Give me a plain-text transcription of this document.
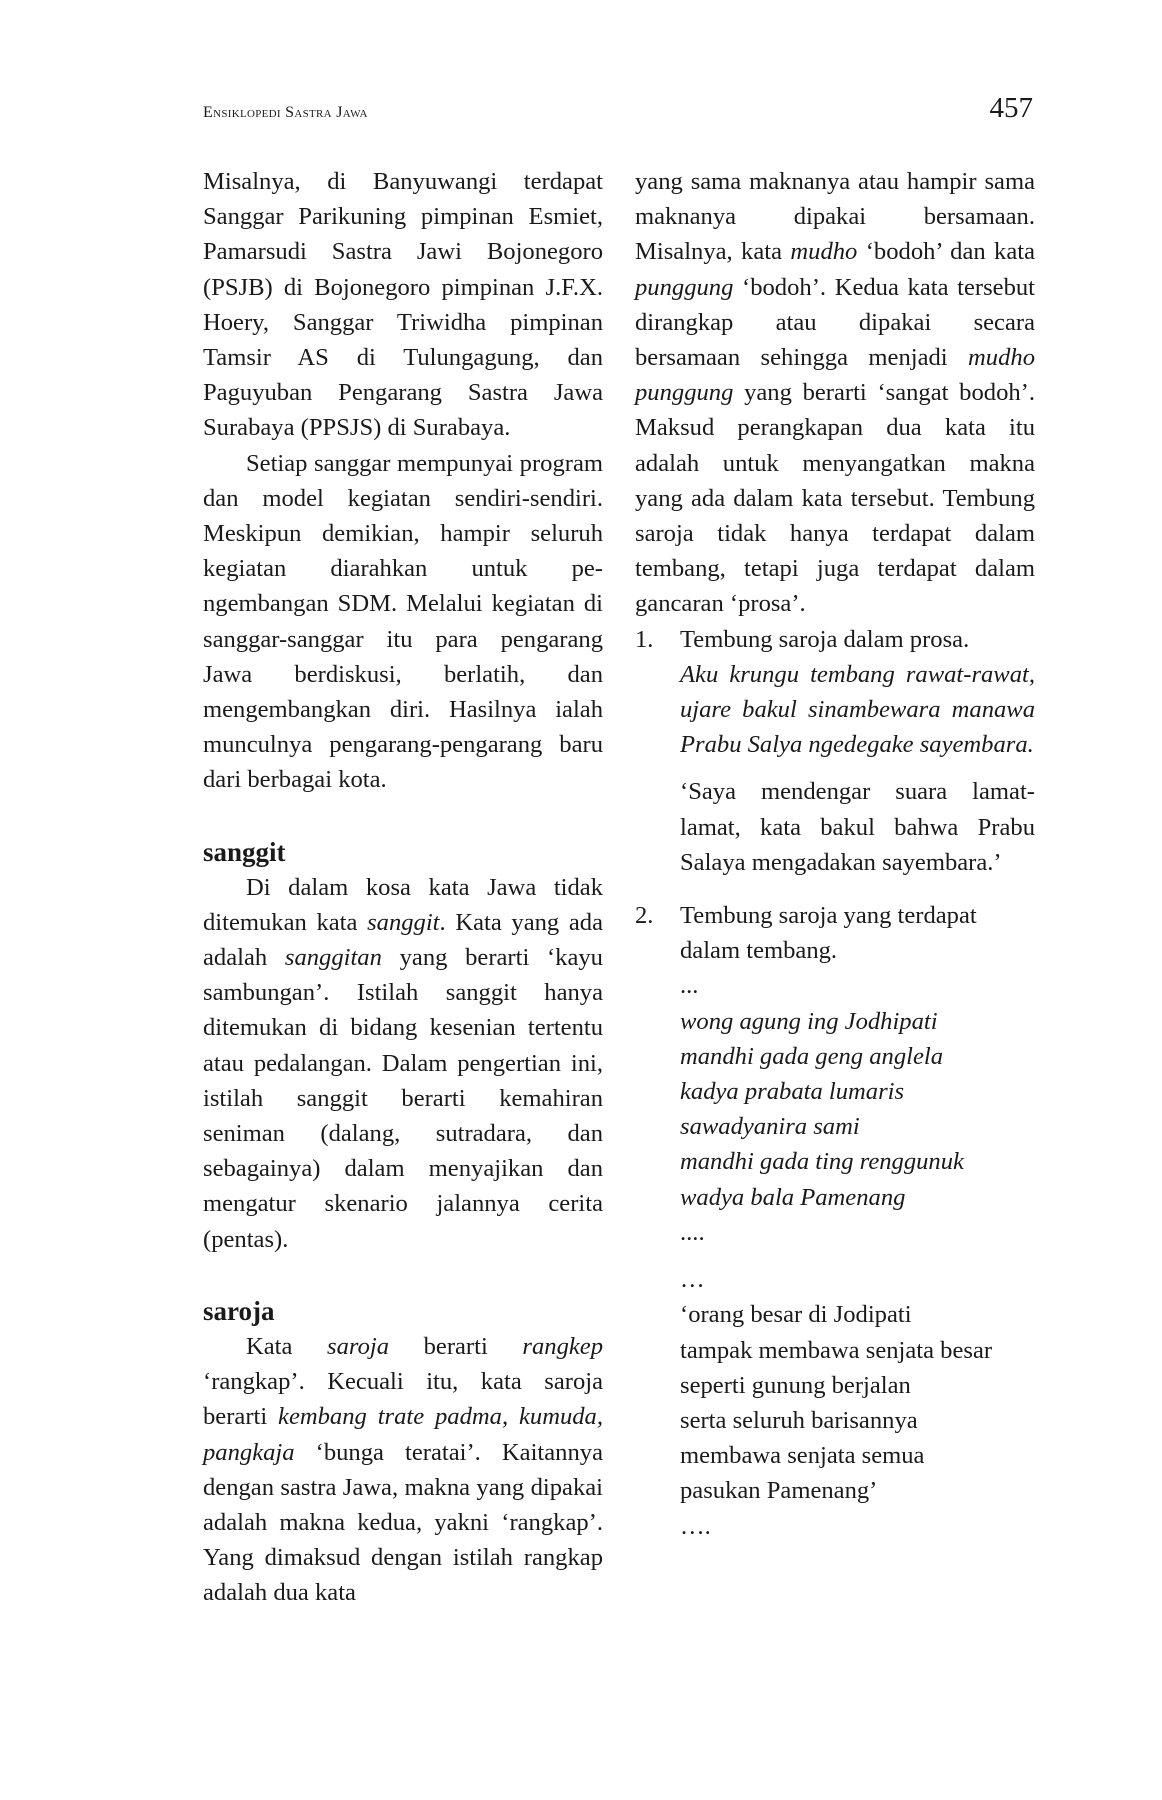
Ensiklopedi Sastra Jawa	457

Misalnya, di Banyuwangi terdapat Sanggar Parikuning pimpinan Esmiet, Pamarsudi Sastra Jawi Bojonegoro (PSJB) di Bojonegoro pimpinan J.F.X. Hoery, Sanggar Triwidha pimpinan Tamsir AS di Tulungagung, dan Paguyuban Pengarang Sastra Jawa Surabaya (PPSJS) di Surabaya.

Setiap sanggar mempunyai program dan model kegiatan sendiri-sendiri. Meskipun demikian, hampir seluruh kegiatan diarahkan untuk pengembangan SDM. Melalui kegiatan di sanggar-sanggar itu para pengarang Jawa berdiskusi, berlatih, dan mengembangkan diri. Hasilnya ialah munculnya pengarang-pengarang baru dari berbagai kota.

sanggit

Di dalam kosa kata Jawa tidak ditemukan kata sanggit. Kata yang ada adalah sanggitan yang berarti ‘kayu sambungan’. Istilah sanggit hanya ditemukan di bidang kesenian tertentu atau pedalangan. Dalam pengertian ini, istilah sanggit berarti kemahiran seniman (dalang, sutradara, dan sebagainya) dalam menyajikan dan mengatur skenario jalannya cerita (pentas).

saroja

Kata saroja berarti rangkep ‘rangkap’. Kecuali itu, kata saroja berarti kembang trate padma, kumuda, pangkaja ‘bunga teratai’. Kaitannya dengan sastra Jawa, makna yang dipakai adalah makna kedua, yakni ‘rangkap’. Yang dimaksud dengan istilah rangkap adalah dua kata

yang sama maknanya atau hampir sama maknanya dipakai bersamaan. Misalnya, kata mudho ‘bodoh’ dan kata punggung ‘bodoh’. Kedua kata tersebut dirangkap atau dipakai secara bersamaan sehingga menjadi mudho punggung yang berarti ‘sangat bodoh’. Maksud perangkapan dua kata itu adalah untuk menyangatkan makna yang ada dalam kata tersebut. Tembung saroja tidak hanya terdapat dalam tembang, tetapi juga terdapat dalam gancaran ‘prosa’.

1. Tembung saroja dalam prosa.

Aku krungu tembang rawat-rawat, ujare bakul sinambewara manawa Prabu Salya ngedegake sayembara.

‘Saya mendengar suara lamat-lamat, kata bakul bahwa Prabu Salaya mengadakan sayembara.’

2. Tembung saroja yang terdapat dalam tembang.

...
wong agung ing Jodhipati
mandhi gada geng anglela
kadya prabata lumaris
sawadyanira sami
mandhi gada ting renggunuk
wadya bala Pamenang
....
…
‘orang besar di Jodipati
tampak membawa senjata besar
seperti gunung berjalan
serta seluruh barisannya
membawa senjata semua
pasukan Pamenang’
….
